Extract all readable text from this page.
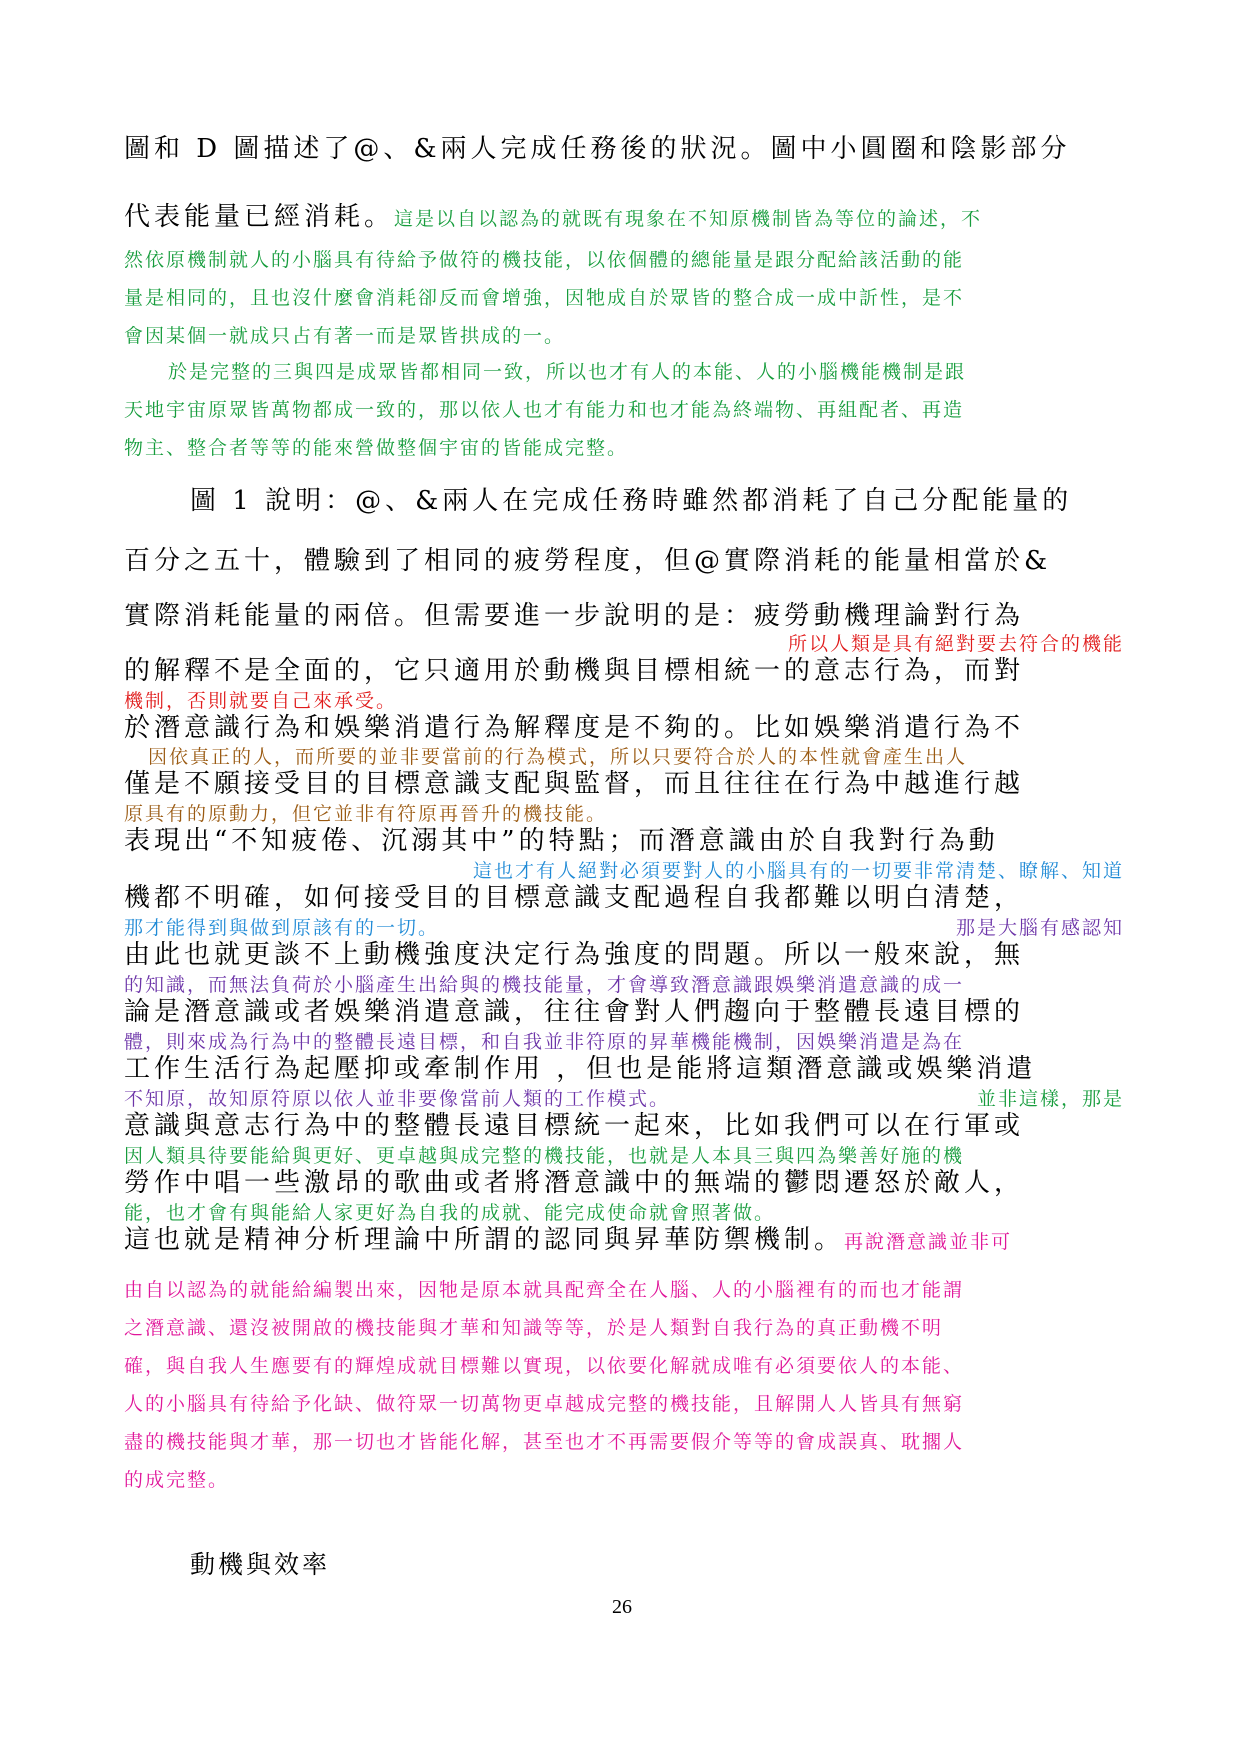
圖和 D 圖描述了@、&兩人完成任務後的狀況。圖中小圓圈和陰影部分
代表能量已經消耗。這是以自以認為的就既有現象在不知原機制皆為等位的論述，不
然依原機制就人的小腦具有待給予做符的機技能，以依個體的總能量是跟分配給該活動的能
量是相同的，且也沒什麼會消耗卻反而會增強，因牠成自於眾皆的整合成一成中訢性，是不
會因某個一就成只占有著一而是眾皆拱成的一。
於是完整的三與四是成眾皆都相同一致，所以也才有人的本能、人的小腦機能機制是跟
天地宇宙原眾皆萬物都成一致的，那以依人也才有能力和也才能為終端物、再組配者、再造
物主、整合者等等的能來營做整個宇宙的皆能成完整。
圖 1 說明：@、&兩人在完成任務時雖然都消耗了自己分配能量的
百分之五十，體驗到了相同的疲勞程度，但@實際消耗的能量相當於&
實際消耗能量的兩倍。但需要進一步說明的是：疲勞動機理論對行為
所以人類是具有絕對要去符合的機能
的解釋不是全面的，它只適用於動機與目標相統一的意志行為，而對
機制，否則就要自己來承受。
於潛意識行為和娛樂消遣行為解釋度是不夠的。比如娛樂消遣行為不
因依真正的人，而所要的並非要當前的行為模式，所以只要符合於人的本性就會產生出人
僅是不願接受目的目標意識支配與監督，而且往往在行為中越進行越
原具有的原動力，但它並非有符原再晉升的機技能。
表現出“不知疲倦、沉溺其中”的特點；而潛意識由於自我對行為動
這也才有人絕對必須要對人的小腦具有的一切要非常清楚、瞭解、知道
機都不明確，如何接受目的目標意識支配過程自我都難以明白清楚，
那才能得到與做到原該有的一切。	那是大腦有感認知
由此也就更談不上動機強度決定行為強度的問題。所以一般來說，無
的知識，而無法負荷於小腦產生出給與的機技能量，才會導致潛意識跟娛樂消遣意識的成一
論是潛意識或者娛樂消遣意識，往往會對人們趨向于整體長遠目標的
體，則來成為行為中的整體長遠目標，和自我並非符原的昇華機能機制，因娛樂消遣是為在
工作生活行為起壓抑或牽制作用 ，但也是能將這類潛意識或娛樂消遣
不知原，故知原符原以依人並非要像當前人類的工作模式。	並非這樣，那是
意識與意志行為中的整體長遠目標統一起來，比如我們可以在行軍或
因人類具待要能給與更好、更卓越與成完整的機技能，也就是人本具三與四為樂善好施的機
勞作中唱一些激昂的歌曲或者將潛意識中的無端的鬱悶遷怒於敵人，
能，也才會有與能給人家更好為自我的成就、能完成使命就會照著做。
這也就是精神分析理論中所謂的認同與昇華防禦機制。再說潛意識並非可
由自以認為的就能給編製出來，因牠是原本就具配齊全在人腦、人的小腦裡有的而也才能謂
之潛意識、還沒被開啟的機技能與才華和知識等等，於是人類對自我行為的真正動機不明
確，與自我人生應要有的輝煌成就目標難以實現，以依要化解就成唯有必須要依人的本能、
人的小腦具有待給予化缺、做符眾一切萬物更卓越成完整的機技能，且解開人人皆具有無窮
盡的機技能與才華，那一切也才皆能化解，甚至也才不再需要假介等等的會成誤真、耽擱人
的成完整。
動機與效率
26
